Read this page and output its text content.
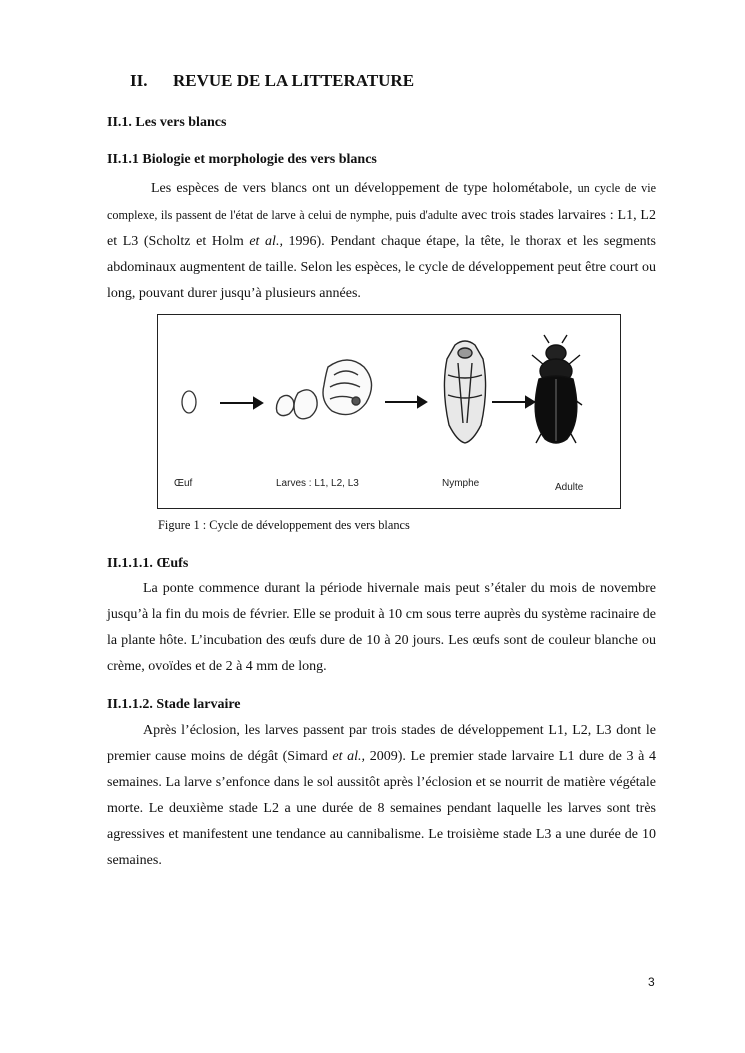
II. REVUE DE LA LITTERATURE
II.1. Les vers blancs
II.1.1 Biologie et morphologie des vers blancs

Les espèces de vers blancs ont un développement de type holométabole, un cycle de vie complexe, ils passent de l'état de larve à celui de nymphe, puis d'adulte avec trois stades larvaires : L1, L2 et L3 (Scholtz et Holm et al., 1996). Pendant chaque étape, la tête, le thorax et les segments abdominaux augmentent de taille. Selon les espèces, le cycle de développement peut être court ou long, pouvant durer jusqu’à plusieurs années.

Œuf	Larves : L1, L2, L3	Nymphe	Adulte
Figure 1 : Cycle de développement des vers blancs
II.1.1.1. Œufs

La ponte commence durant la période hivernale mais peut s’étaler du mois de novembre jusqu’à la fin du mois de février. Elle se produit à 10 cm sous terre auprès du système racinaire de la plante hôte. L’incubation des œufs dure de 10 à 20 jours. Les œufs sont de couleur blanche ou crème, ovoïdes et de 2 à 4 mm de long.

II.1.1.2. Stade larvaire

Après l’éclosion, les larves passent par trois stades de développement L1, L2, L3 dont le premier cause moins de dégât (Simard et al., 2009). Le premier stade larvaire L1 dure de 3 à 4 semaines. La larve s’enfonce dans le sol aussitôt après l’éclosion et se nourrit de matière végétale morte. Le deuxième stade L2 a une durée de 8 semaines pendant laquelle les larves sont très agressives et manifestent une tendance au cannibalisme. Le troisième stade L3 a une durée de 10 semaines.

3
